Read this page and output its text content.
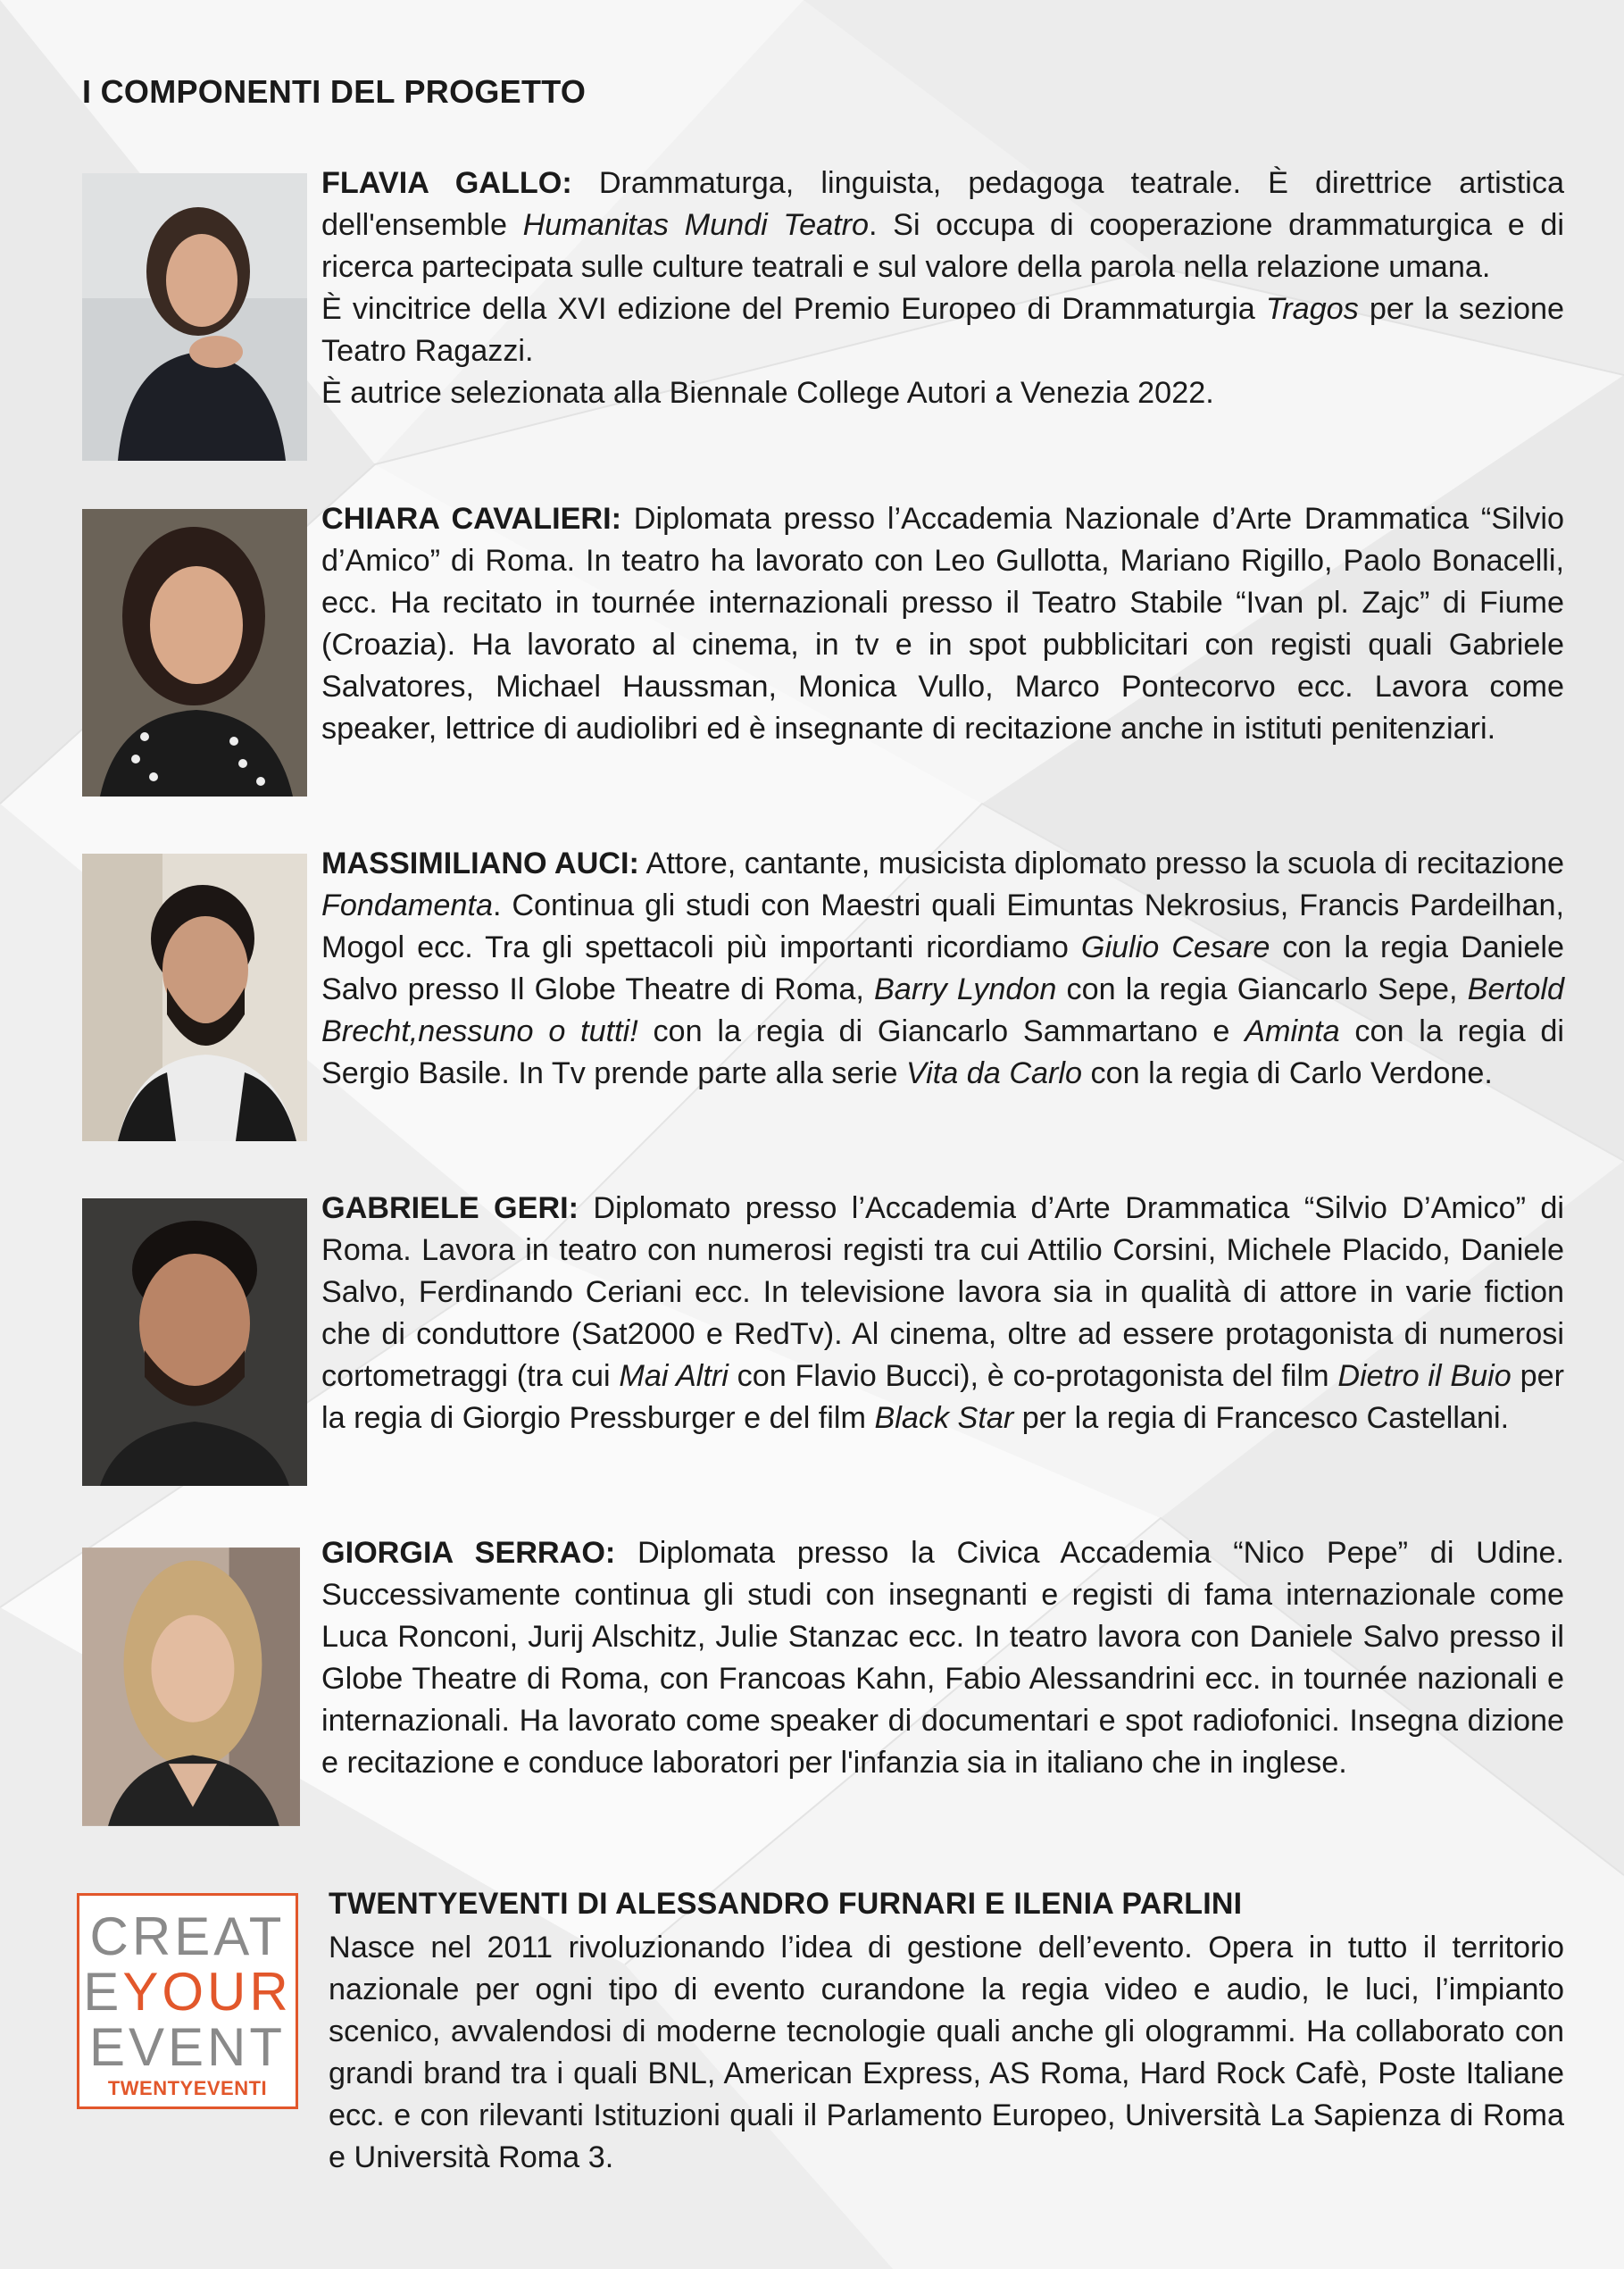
I COMPONENTI DEL PROGETTO

FLAVIA GALLO: Drammaturga, linguista, pedagoga teatrale. È direttrice artistica dell'ensemble Humanitas Mundi Teatro. Si occupa di cooperazione drammaturgica e di ricerca partecipata sulle culture teatrali e sul valore della parola nella relazione umana.

È vincitrice della XVI edizione del Premio Europeo di Drammaturgia Tragos per la sezione Teatro Ragazzi.

È autrice selezionata alla Biennale College Autori a Venezia 2022.

CHIARA CAVALIERI: Diplomata presso l’Accademia Nazionale d’Arte Drammatica “Silvio d’Amico” di Roma. In teatro ha lavorato con Leo Gullotta, Mariano Rigillo, Paolo Bonacelli, ecc. Ha recitato in tournée internazionali presso il Teatro Stabile “Ivan pl. Zajc” di Fiume (Croazia). Ha lavorato al cinema, in tv e in spot pubblicitari con registi quali Gabriele Salvatores, Michael Haussman, Monica Vullo, Marco Pontecorvo ecc. Lavora come speaker, lettrice di audiolibri ed è insegnante di recitazione anche in istituti penitenziari.

MASSIMILIANO AUCI: Attore, cantante, musicista diplomato presso la scuola di recitazione Fondamenta. Continua gli studi con Maestri quali Eimuntas Nekrosius, Francis Pardeilhan, Mogol ecc. Tra gli spettacoli più importanti ricordiamo Giulio Cesare con la regia Daniele Salvo presso Il Globe Theatre di Roma, Barry Lyndon con la regia Giancarlo Sepe, Bertold Brecht,nessuno o tutti! con la regia di Giancarlo Sammartano e Aminta con la regia di Sergio Basile. In Tv prende parte alla serie Vita da Carlo con la regia di Carlo Verdone.

GABRIELE GERI: Diplomato presso l’Accademia d’Arte Drammatica “Silvio D’Amico” di Roma. Lavora in teatro con numerosi registi tra cui Attilio Corsini, Michele Placido, Daniele Salvo, Ferdinando Ceriani ecc. In televisione lavora sia in qualità di attore in varie fiction che di conduttore (Sat2000 e RedTv). Al cinema, oltre ad essere protagonista di numerosi cortometraggi (tra cui Mai Altri con Flavio Bucci), è co-protagonista del film Dietro il Buio per la regia di Giorgio Pressburger e del film Black Star per la regia di Francesco Castellani.

GIORGIA SERRAO: Diplomata presso la Civica Accademia “Nico Pepe” di Udine. Successivamente continua gli studi con insegnanti e registi di fama internazionale come Luca Ronconi, Jurij Alschitz, Julie Stanzac ecc. In teatro lavora con Daniele Salvo presso il Globe Theatre di Roma, con Francoas Kahn, Fabio Alessandrini ecc. in tournée nazionali e internazionali. Ha lavorato come speaker di documentari e spot radiofonici. Insegna dizione e recitazione e conduce laboratori per l'infanzia sia in italiano che in inglese.

CREAT
EYOUR
EVENT
TWENTYEVENTI
TWENTYEVENTI DI ALESSANDRO FURNARI E ILENIA PARLINI

Nasce nel 2011 rivoluzionando l’idea di gestione dell’evento. Opera in tutto il territorio nazionale per ogni tipo di evento curandone la regia video e audio, le luci, l’impianto scenico, avvalendosi di moderne tecnologie quali anche gli ologrammi. Ha collaborato con grandi brand tra i quali BNL, American Express, AS Roma, Hard Rock Cafè, Poste Italiane ecc. e con rilevanti Istituzioni quali il Parlamento Europeo, Università La Sapienza di Roma e Università Roma 3.
